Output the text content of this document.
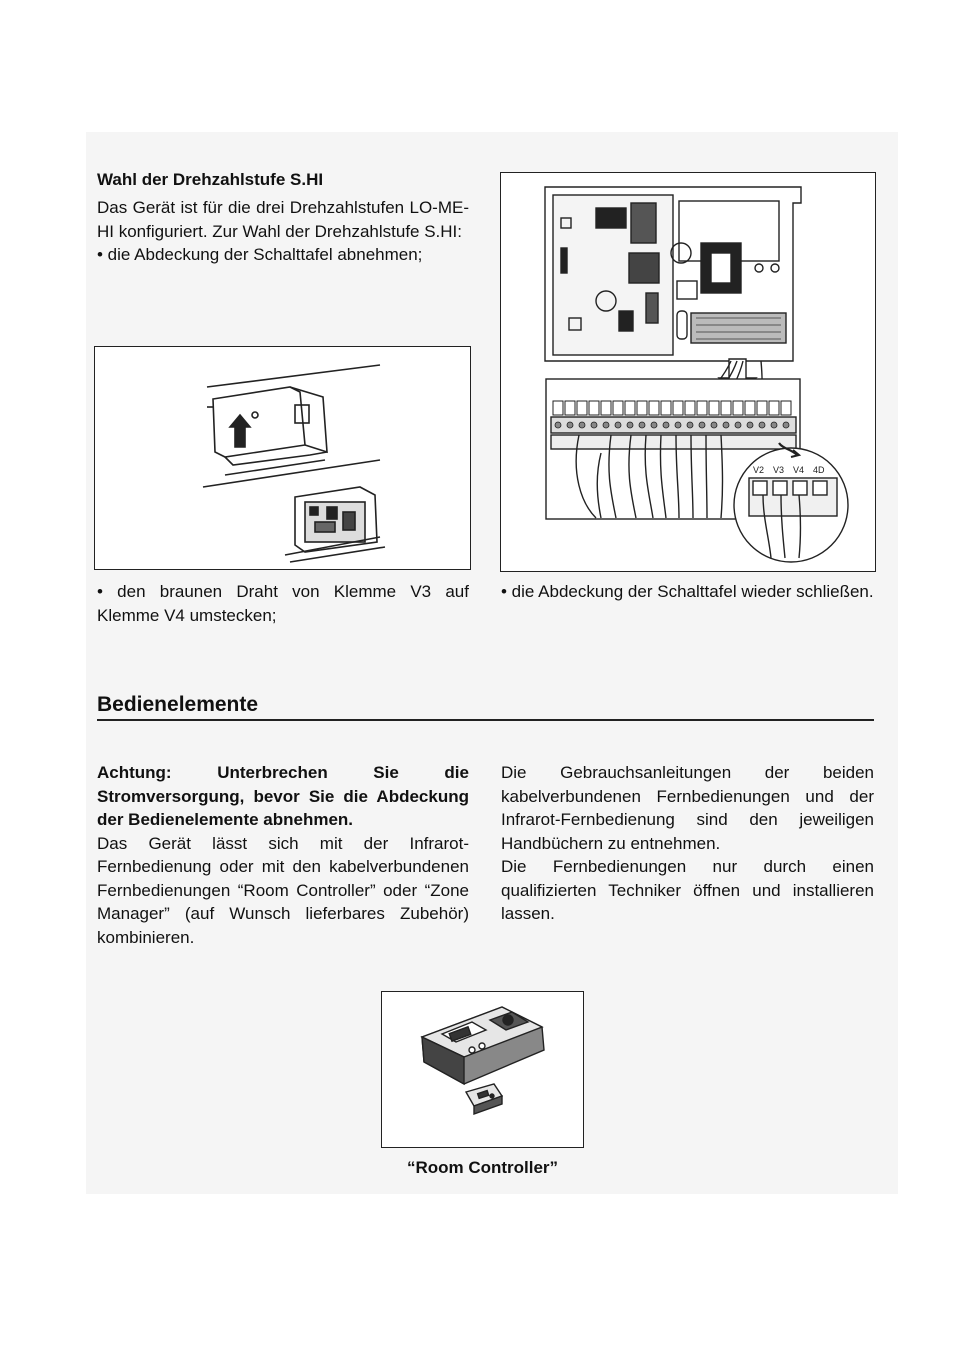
Wahl der Drehzahlstufe S.HI

Das Gerät ist für die drei Drehzahlstufen LO-ME-HI konfiguriert. Zur Wahl der Drehzahlstufe S.HI:

• die Abdeckung der Schalttafel abnehmen;

• den braunen Draht von Klemme V3 auf Klemme V4 umstecken;

V2 V3 V4 4D

• die Abdeckung der Schalttafel wieder schließen.

Bedienelemente

Achtung: Unterbrechen Sie die Stromversorgung, bevor Sie die Abdeckung der Bedienelemente abnehmen.

Das Gerät lässt sich mit der Infrarot-Fernbedienung oder mit den kabelverbundenen Fernbedienungen “Room Controller” oder “Zone Manager” (auf Wunsch lieferbares Zubehör) kombinieren.

Die Gebrauchsanleitungen der beiden kabelverbundenen Fernbedienungen und der Infrarot-Fernbedienung sind den jeweiligen Handbüchern zu entnehmen.

Die Fernbedienungen nur durch einen qualifizierten Techniker öffnen und installieren lassen.

“Room Controller”
